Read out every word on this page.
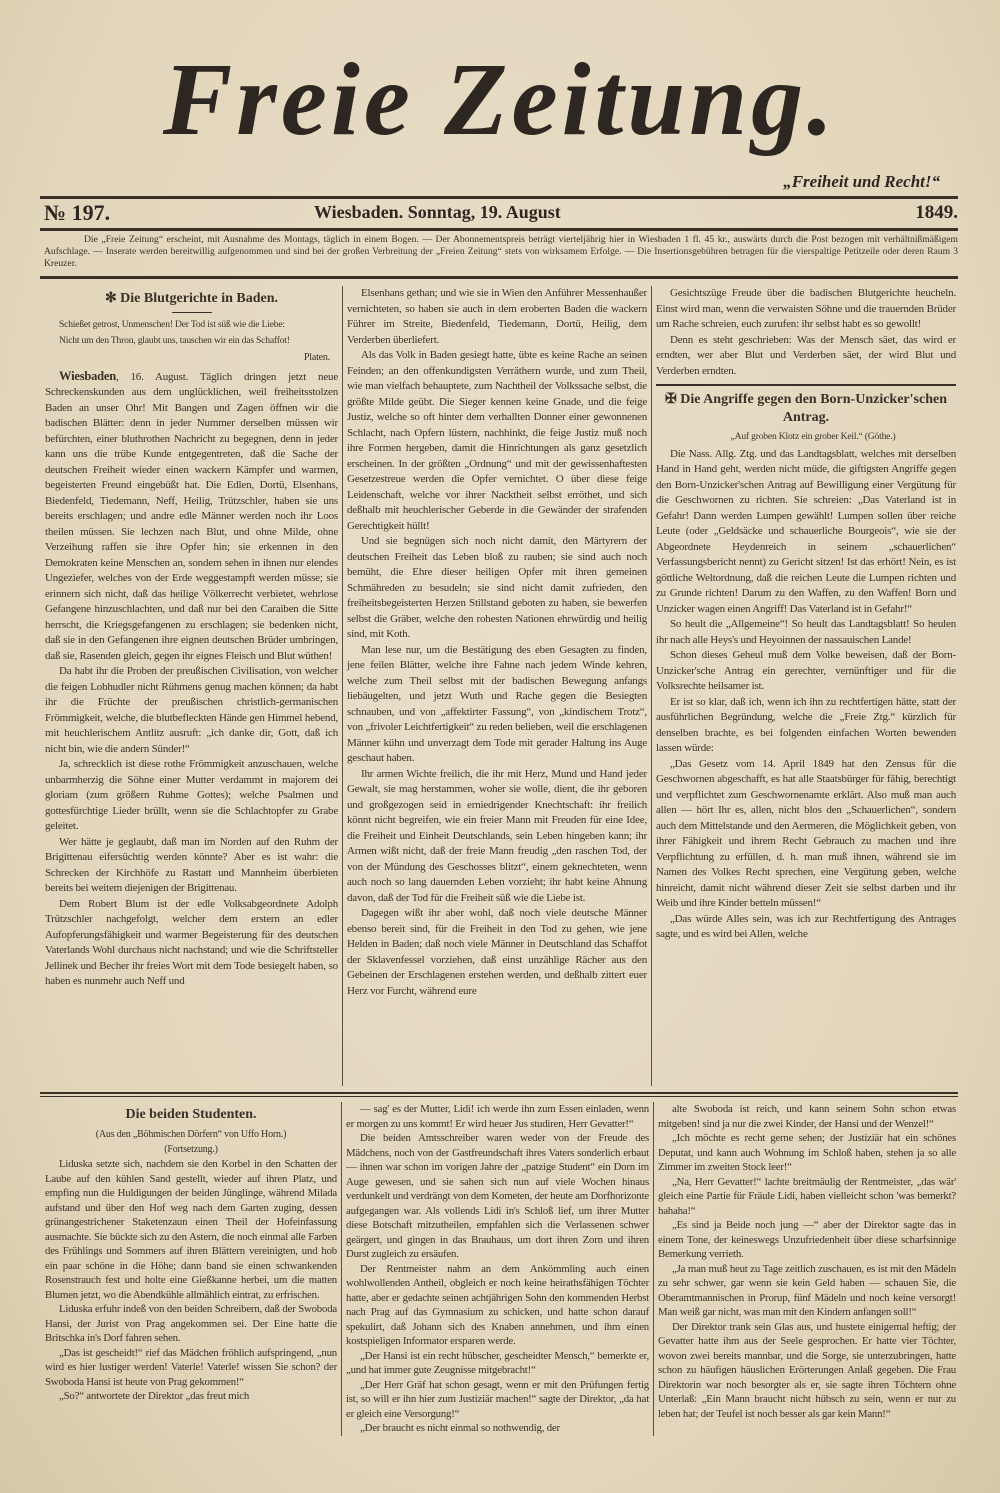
Freie Zeitung.
„Freiheit und Recht!“
№ 197.	Wiesbaden. Sonntag, 19. August	1849.
Die „Freie Zeitung“ erscheint, mit Ausnahme des Montags, täglich in einem Bogen. — Der Abonnementspreis beträgt vierteljährig hier in Wiesbaden 1 fl. 45 kr., auswärts durch die Post bezogen mit verhältnißmäßigem Aufschlage. — Inserate werden bereitwillig aufgenommen und sind bei der großen Verbreitung der „Freien Zeitung“ stets von wirksamem Erfolge. — Die Insertionsgebühren betragen für die vierspaltige Petitzeile oder deren Raum 3 Kreuzer.
✻ Die Blutgerichte in Baden.
Schießet getrost, Unmenschen! Der Tod ist süß wie die Liebe:
Nicht um den Thron, glaubt uns, tauschen wir ein das Schaffot!
Platen.

Wiesbaden, 16. August. Täglich dringen jetzt neue Schreckenskunden aus dem unglücklichen, weil freiheitsstolzen Baden an unser Ohr! Mit Bangen und Zagen öffnen wir die badischen Blätter: denn in jeder Nummer derselben müssen wir befürchten, einer bluthrothen Nachricht zu begegnen, denn in jeder kann uns die trübe Kunde entgegentreten, daß die Sache der deutschen Freiheit wieder einen wackern Kämpfer und warmen, begeisterten Freund eingebüßt hat. Die Edlen, Dortü, Elsenhans, Biedenfeld, Tiedemann, Neff, Heilig, Trützschler, haben sie uns bereits erschlagen; und andre edle Männer werden noch ihr Loos theilen müssen. Sie lechzen nach Blut, und ohne Milde, ohne Verzeihung raffen sie ihre Opfer hin; sie erkennen in den Demokraten keine Menschen an, sondern sehen in ihnen nur elendes Ungeziefer, welches von der Erde weggestampft werden müsse; sie erinnern sich nicht, daß das heilige Völkerrecht verbietet, wehrlose Gefangene hinzuschlachten, und daß nur bei den Caraiben die Sitte herrscht, die Kriegsgefangenen zu erschlagen; sie bedenken nicht, daß sie in den Gefangenen ihre eignen deutschen Brüder umbringen, daß sie, Rasenden gleich, gegen ihr eignes Fleisch und Blut wüthen!

Da habt ihr die Proben der preußischen Civilisation, von welcher die feigen Lobhudler nicht Rühmens genug machen können; da habt ihr die Früchte der preußischen christlich-germanischen Frömmigkeit, welche, die blutbefleckten Hände gen Himmel hebend, mit heuchlerischem Antlitz ausruft: „ich danke dir, Gott, daß ich nicht bin, wie die andern Sünder!“

Ja, schrecklich ist diese rothe Frömmigkeit anzuschauen, welche unbarmherzig die Söhne einer Mutter verdammt in majorem dei gloriam (zum größern Ruhme Gottes); welche Psalmen und gottesfürchtige Lieder brüllt, wenn sie die Schlachtopfer zu Grabe geleitet.

Wer hätte je geglaubt, daß man im Norden auf den Ruhm der Brigittenau eifersüchtig werden könnte? Aber es ist wahr: die Schrecken der Kirchhöfe zu Rastatt und Mannheim überbieten bereits bei weitem diejenigen der Brigittenau.

Dem Robert Blum ist der edle Volksabgeordnete Adolph Trützschler nachgefolgt, welcher dem erstern an edler Aufopferungsfähigkeit und warmer Begeisterung für des deutschen Vaterlands Wohl durchaus nicht nachstand; und wie die Schriftsteller Jellinek und Becher ihr freies Wort mit dem Tode besiegelt haben, so haben es nunmehr auch Neff und

Elsenhans gethan; und wie sie in Wien den Anführer Messenhaußer vernichteten, so haben sie auch in dem eroberten Baden die wackern Führer im Streite, Biedenfeld, Tiedemann, Dortü, Heilig, dem Verderben überliefert.

Als das Volk in Baden gesiegt hatte, übte es keine Rache an seinen Feinden; an den offenkundigsten Verräthern wurde, und zum Theil, wie man vielfach behauptete, zum Nachtheil der Volkssache selbst, die größte Milde geübt. Die Sieger kennen keine Gnade, und die feige Justiz, welche so oft hinter dem verhallten Donner einer gewonnenen Schlacht, nach Opfern lüstern, nachhinkt, die feige Justiz muß noch ihre Formen hergeben, damit die Hinrichtungen als ganz gesetzlich erscheinen. In der größten „Ordnung“ und mit der gewissenhaftesten Gesetzestreue werden die Opfer vernichtet. O über diese feige Leidenschaft, welche vor ihrer Nacktheit selbst erröthet, und sich deßhalb mit heuchlerischer Geberde in die Gewänder der strafenden Gerechtigkeit hüllt!

Und sie begnügen sich noch nicht damit, den Märtyrern der deutschen Freiheit das Leben bloß zu rauben; sie sind auch noch bemüht, die Ehre dieser heiligen Opfer mit ihren gemeinen Schmähreden zu besudeln; sie sind nicht damit zufrieden, den freiheitsbegeisterten Herzen Stillstand geboten zu haben, sie bewerfen selbst die Gräber, welche den rohesten Nationen ehrwürdig und heilig sind, mit Koth.

Man lese nur, um die Bestätigung des eben Gesagten zu finden, jene feilen Blätter, welche ihre Fahne nach jedem Winde kehren, welche zum Theil selbst mit der badischen Bewegung anfangs liebäugelten, und jetzt Wuth und Rache gegen die Besiegten schnauben, und von „affektirter Fassung“, von „kindischem Trotz“, von „frivoler Leichtfertigkeit“ zu reden belieben, weil die erschlagenen Männer kühn und unverzagt dem Tode mit gerader Haltung ins Auge geschaut haben.

Ihr armen Wichte freilich, die ihr mit Herz, Mund und Hand jeder Gewalt, sie mag herstammen, woher sie wolle, dient, die ihr geboren und großgezogen seid in erniedrigender Knechtschaft: ihr freilich könnt nicht begreifen, wie ein freier Mann mit Freuden für eine Idee, die Freiheit und Einheit Deutschlands, sein Leben hingeben kann; ihr Armen wißt nicht, daß der freie Mann freudig „den raschen Tod, der von der Mündung des Geschosses blitzt“, einem geknechteten, wenn auch noch so lang dauernden Leben vorzieht; ihr habt keine Ahnung davon, daß der Tod für die Freiheit süß wie die Liebe ist.

Dagegen wißt ihr aber wohl, daß noch viele deutsche Männer ebenso bereit sind, für die Freiheit in den Tod zu gehen, wie jene Helden in Baden; daß noch viele Männer in Deutschland das Schaffot der Sklavenfessel vorziehen, daß einst unzählige Rächer aus den Gebeinen der Erschlagenen erstehen werden, und deßhalb zittert euer Herz vor Furcht, während eure

Gesichtszüge Freude über die badischen Blutgerichte heucheln. Einst wird man, wenn die verwaisten Söhne und die trauernden Brüder um Rache schreien, euch zurufen: ihr selbst habt es so gewollt!

Denn es steht geschrieben: Was der Mensch säet, das wird er erndten, wer aber Blut und Verderben säet, der wird Blut und Verderben erndten.

✠ Die Angriffe gegen den Born-Unzicker'schen Antrag.
„Auf groben Klotz ein grober Keil.“ (Göthe.)

Die Nass. Allg. Ztg. und das Landtagsblatt, welches mit derselben Hand in Hand geht, werden nicht müde, die giftigsten Angriffe gegen den Born-Unzicker'schen Antrag auf Bewilligung einer Vergütung für die Geschwornen zu richten. Sie schreien: „Das Vaterland ist in Gefahr! Dann werden Lumpen gewählt! Lumpen sollen über reiche Leute (oder „Geldsäcke und schauerliche Bourgeois“, wie sie der Abgeordnete Heydenreich in seinem „schauerlichen“ Verfassungsbericht nennt) zu Gericht sitzen! Ist das erhört! Nein, es ist göttliche Weltordnung, daß die reichen Leute die Lumpen richten und zu Grunde richten! Darum zu den Waffen, zu den Waffen! Born und Unzicker wagen einen Angriff! Das Vaterland ist in Gefahr!“

So heult die „Allgemeine“! So heult das Landtagsblatt! So heulen ihr nach alle Heys's und Heyoinnen der nassauischen Lande!

Schon dieses Geheul muß dem Volke beweisen, daß der Born-Unzicker'sche Antrag ein gerechter, vernünftiger und für die Volksrechte heilsamer ist.

Er ist so klar, daß ich, wenn ich ihn zu rechtfertigen hätte, statt der ausführlichen Begründung, welche die „Freie Ztg.“ kürzlich für denselben brachte, es bei folgenden einfachen Worten bewenden lassen würde:

„Das Gesetz vom 14. April 1849 hat den Zensus für die Geschwornen abgeschafft, es hat alle Staatsbürger für fähig, berechtigt und verpflichtet zum Geschwornenamte erklärt. Also muß man auch allen — hört Ihr es, allen, nicht blos den „Schauerlichen“, sondern auch dem Mittelstande und den Aermeren, die Möglichkeit geben, von ihrer Fähigkeit und ihrem Recht Gebrauch zu machen und ihre Verpflichtung zu erfüllen, d. h. man muß ihnen, während sie im Namen des Volkes Recht sprechen, eine Vergütung geben, welche hinreicht, damit nicht während dieser Zeit sie selbst darben und ihr Weib und ihre Kinder betteln müssen!“

„Das würde Alles sein, was ich zur Rechtfertigung des Antrages sagte, und es wird bei Allen, welche

Die beiden Studenten.

(Aus den „Böhmischen Dörfern“ von Uffo Horn.)

(Fortsetzung.)

Liduska setzte sich, nachdem sie den Korbel in den Schatten der Laube auf den kühlen Sand gestellt, wieder auf ihren Platz, und empfing nun die Huldigungen der beiden Jünglinge, während Milada aufstand und über den Hof weg nach dem Garten zuging, dessen grünangestrichener Staketenzaun einen Theil der Hofeinfassung ausmachte. Sie bückte sich zu den Astern, die noch einmal alle Farben des Frühlings und Sommers auf ihren Blättern vereinigten, und hob ein paar schöne in die Höhe; dann band sie einen schwankenden Rosenstrauch fest und holte eine Gießkanne herbei, um die matten Blumen jetzt, wo die Abendkühle allmählich eintrat, zu erfrischen.

Liduska erfuhr indeß von den beiden Schreibern, daß der Swoboda Hansi, der Jurist von Prag angekommen sei. Der Eine hatte die Britschka in's Dorf fahren sehen.

„Das ist gescheidt!“ rief das Mädchen fröhlich aufspringend, „nun wird es hier lustiger werden! Vaterle! Vaterle! wissen Sie schon? der Swoboda Hansi ist heute von Prag gekommen!“

„So?“ antwortete der Direktor „das freut mich

— sag' es der Mutter, Lidi! ich werde ihn zum Essen einladen, wenn er morgen zu uns kommt! Er wird heuer Jus studiren, Herr Gevatter!“

Die beiden Amtsschreiber waren weder von der Freude des Mädchens, noch von der Gastfreundschaft ihres Vaters sonderlich erbaut — ihnen war schon im vorigen Jahre der „patzige Student“ ein Dorn im Auge gewesen, und sie sahen sich nun auf viele Wochen hinaus verdunkelt und verdrängt von dem Kometen, der heute am Dorfhorizonte aufgegangen war. Als vollends Lidi in's Schloß lief, um ihrer Mutter diese Botschaft mitzutheilen, empfahlen sich die Verlassenen schwer geärgert, und gingen in das Brauhaus, um dort ihren Zorn und ihren Durst zugleich zu ersäufen.

Der Rentmeister nahm an dem Ankömmling auch einen wohlwollenden Antheil, obgleich er noch keine heirathsfähigen Töchter hatte, aber er gedachte seinen achtjährigen Sohn den kommenden Herbst nach Prag auf das Gymnasium zu schicken, und hatte schon darauf spekulirt, daß Johann sich des Knaben annehmen, und ihm einen kostspieligen Informator ersparen werde.

„Der Hansi ist ein recht hübscher, gescheidter Mensch,“ bemerkte er, „und hat immer gute Zeugnisse mitgebracht!“

„Der Herr Gräf hat schon gesagt, wenn er mit den Prüfungen fertig ist, so will er ihn hier zum Justiziär machen!“ sagte der Direktor, „da hat er gleich eine Versorgung!“

„Der braucht es nicht einmal so nothwendig, der

alte Swoboda ist reich, und kann seinem Sohn schon etwas mitgeben! sind ja nur die zwei Kinder, der Hansi und der Wenzel!“

„Ich möchte es recht gerne sehen; der Justiziär hat ein schönes Deputat, und kann auch Wohnung im Schloß haben, stehen ja so alle Zimmer im zweiten Stock leer!“

„Na, Herr Gevatter!“ lachte breitmäulig der Rentmeister, „das wär' gleich eine Partie für Fräule Lidi, haben vielleicht schon 'was bemerkt? hahaha!“

„Es sind ja Beide noch jung —“ aber der Direktor sagte das in einem Tone, der keineswegs Unzufriedenheit über diese scharfsinnige Bemerkung verrieth.

„Ja man muß heut zu Tage zeitlich zuschauen, es ist mit den Mädeln zu sehr schwer, gar wenn sie kein Geld haben — schauen Sie, die Oberamtmannischen in Prorup, fünf Mädeln und noch keine versorgt! Man weiß gar nicht, was man mit den Kindern anfangen soll!“

Der Direktor trank sein Glas aus, und hustete einigemal heftig; der Gevatter hatte ihm aus der Seele gesprochen. Er hatte vier Töchter, wovon zwei bereits mannbar, und die Sorge, sie unterzubringen, hatte schon zu häufigen häuslichen Erörterungen Anlaß gegeben. Die Frau Direktorin war noch besorgter als er, sie sagte ihren Töchtern ohne Unterlaß: „Ein Mann braucht nicht hübsch zu sein, wenn er nur zu leben hat; der Teufel ist noch besser als gar kein Mann!“
